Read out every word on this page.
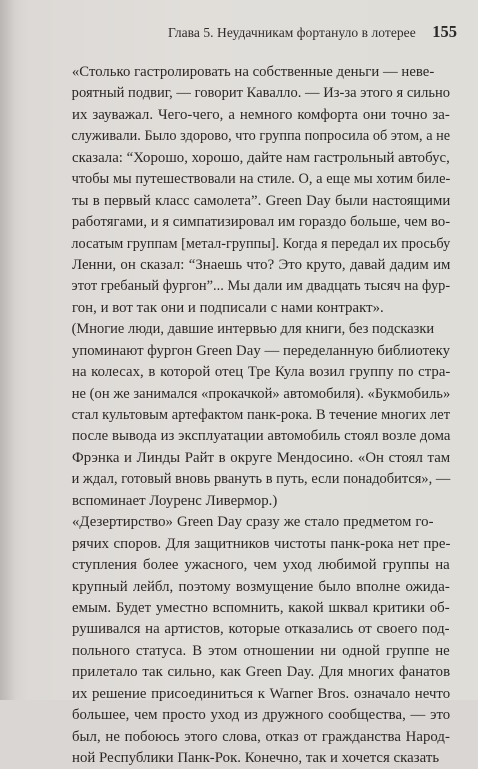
Глава 5. Неудачникам фортануло в лотерее 155

«Столько гастролировать на собственные деньги — неве-
роятный подвиг, — говорит Кавалло. — Из-за этого я сильно
их зауважал. Чего-чего, а немного комфорта они точно за-
служивали. Было здорово, что группа попросила об этом, а не
сказала: “Хорошо, хорошо, дайте нам гастрольный автобус,
чтобы мы путешествовали на стиле. О, а еще мы хотим биле-
ты в первый класс самолета”. Green Day были настоящими
работягами, и я симпатизировал им гораздо больше, чем во-
лосатым группам [метал-группы]. Когда я передал их просьбу
Ленни, он сказал: “Знаешь что? Это круто, давай дадим им
этот гребаный фургон”... Мы дали им двадцать тысяч на фур-
гон, и вот так они и подписали с нами контракт».

(Многие люди, давшие интервью для книги, без подсказки
упоминают фургон Green Day — переделанную библиотеку
на колесах, в которой отец Тре Кула возил группу по стра-
не (он же занимался «прокачкой» автомобиля). «Букмобиль»
стал культовым артефактом панк-рока. В течение многих лет
после вывода из эксплуатации автомобиль стоял возле дома
Фрэнка и Линды Райт в округе Мендосино. «Он стоял там
и ждал, готовый вновь рвануть в путь, если понадобится», —
вспоминает Лоуренс Ливермор.)

«Дезертирство» Green Day сразу же стало предметом го-
рячих споров. Для защитников чистоты панк-рока нет пре-
ступления более ужасного, чем уход любимой группы на
крупный лейбл, поэтому возмущение было вполне ожида-
емым. Будет уместно вспомнить, какой шквал критики об-
рушивался на артистов, которые отказались от своего под-
польного статуса. В этом отношении ни одной группе не
прилетало так сильно, как Green Day. Для многих фанатов
их решение присоединиться к Warner Bros. означало нечто
большее, чем просто уход из дружного сообщества, — это
был, не побоюсь этого слова, отказ от гражданства Народ-
ной Республики Панк-Рок. Конечно, так и хочется сказать
